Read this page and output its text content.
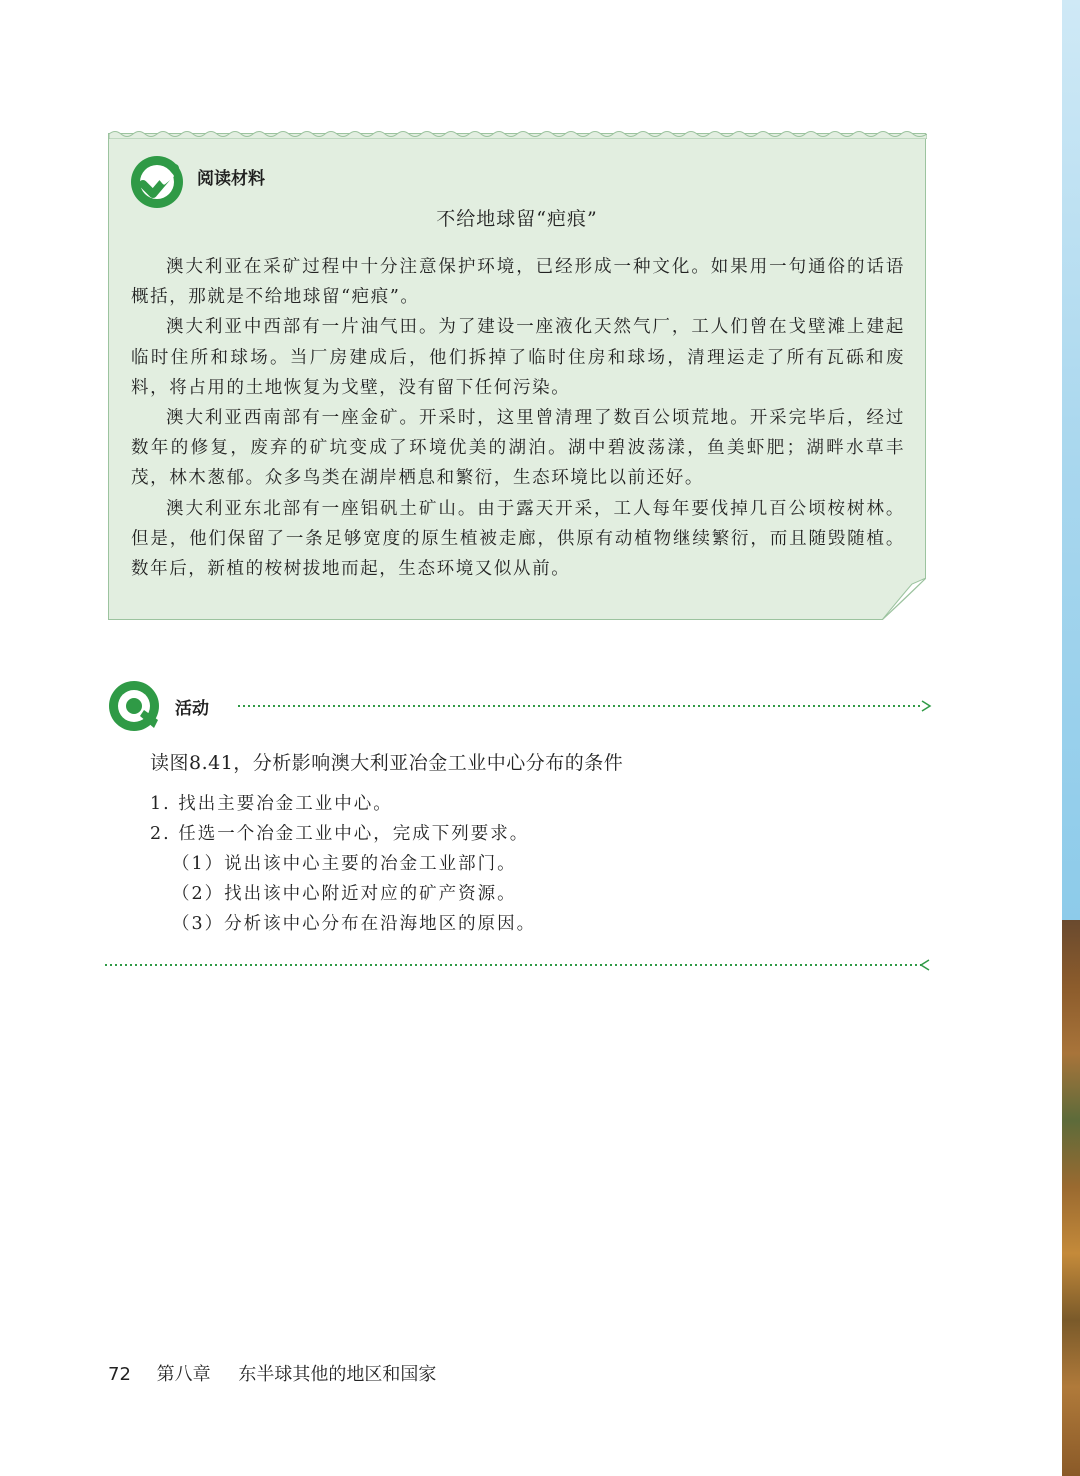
阅读材料
不给地球留“疤痕”

澳大利亚在采矿过程中十分注意保护环境，已经形成一种文化。如果用一句通俗的话语概括，那就是不给地球留“疤痕”。

澳大利亚中西部有一片油气田。为了建设一座液化天然气厂，工人们曾在戈壁滩上建起临时住所和球场。当厂房建成后，他们拆掉了临时住房和球场，清理运走了所有瓦砾和废料，将占用的土地恢复为戈壁，没有留下任何污染。

澳大利亚西南部有一座金矿。开采时，这里曾清理了数百公顷荒地。开采完毕后，经过数年的修复，废弃的矿坑变成了环境优美的湖泊。湖中碧波荡漾，鱼美虾肥；湖畔水草丰茂，林木葱郁。众多鸟类在湖岸栖息和繁衍，生态环境比以前还好。

澳大利亚东北部有一座铝矾土矿山。由于露天开采，工人每年要伐掉几百公顷桉树林。但是，他们保留了一条足够宽度的原生植被走廊，供原有动植物继续繁衍，而且随毁随植。数年后，新植的桉树拔地而起，生态环境又似从前。

活动
读图8.41，分析影响澳大利亚冶金工业中心分布的条件
1. 找出主要冶金工业中心。
2. 任选一个冶金工业中心，完成下列要求。
（1）说出该中心主要的冶金工业部门。
（2）找出该中心附近对应的矿产资源。
（3）分析该中心分布在沿海地区的原因。
72 第八章 东半球其他的地区和国家
